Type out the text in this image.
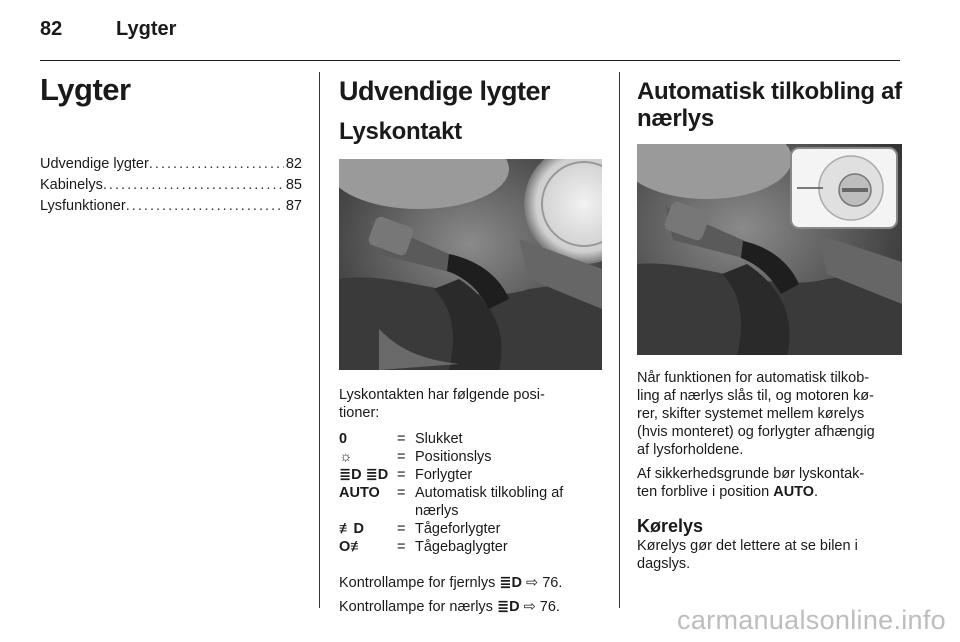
82	Lygter
Lygter
Udvendige lygter . . .	82
Kabinelys . . .	85
Lysfunktioner . . .	87
Udvendige lygter
Lyskontakt
Lyskontakten har følgende posi-
tioner:
0	= Slukket
☼	= Positionslys
≣D ≣D = Forlygter
AUTO	= Automatisk tilkobling af
nærlys
≢D	= Tågeforlygter
O≢	= Tågebaglygter
Kontrollampe for fjernlys ≣D ⇨ 76.
Kontrollampe for nærlys ≣D ⇨ 76.
Automatisk tilkobling af
nærlys
Når funktionen for automatisk tilkob-
ling af nærlys slås til, og motoren kø-
rer, skifter systemet mellem kørelys
(hvis monteret) og forlygter afhængig
af lysforholdene.
Af sikkerhedsgrunde bør lyskontak-
ten forblive i position AUTO.
Kørelys
Kørelys gør det lettere at se bilen i
dagslys.
carmanualsonline.info
